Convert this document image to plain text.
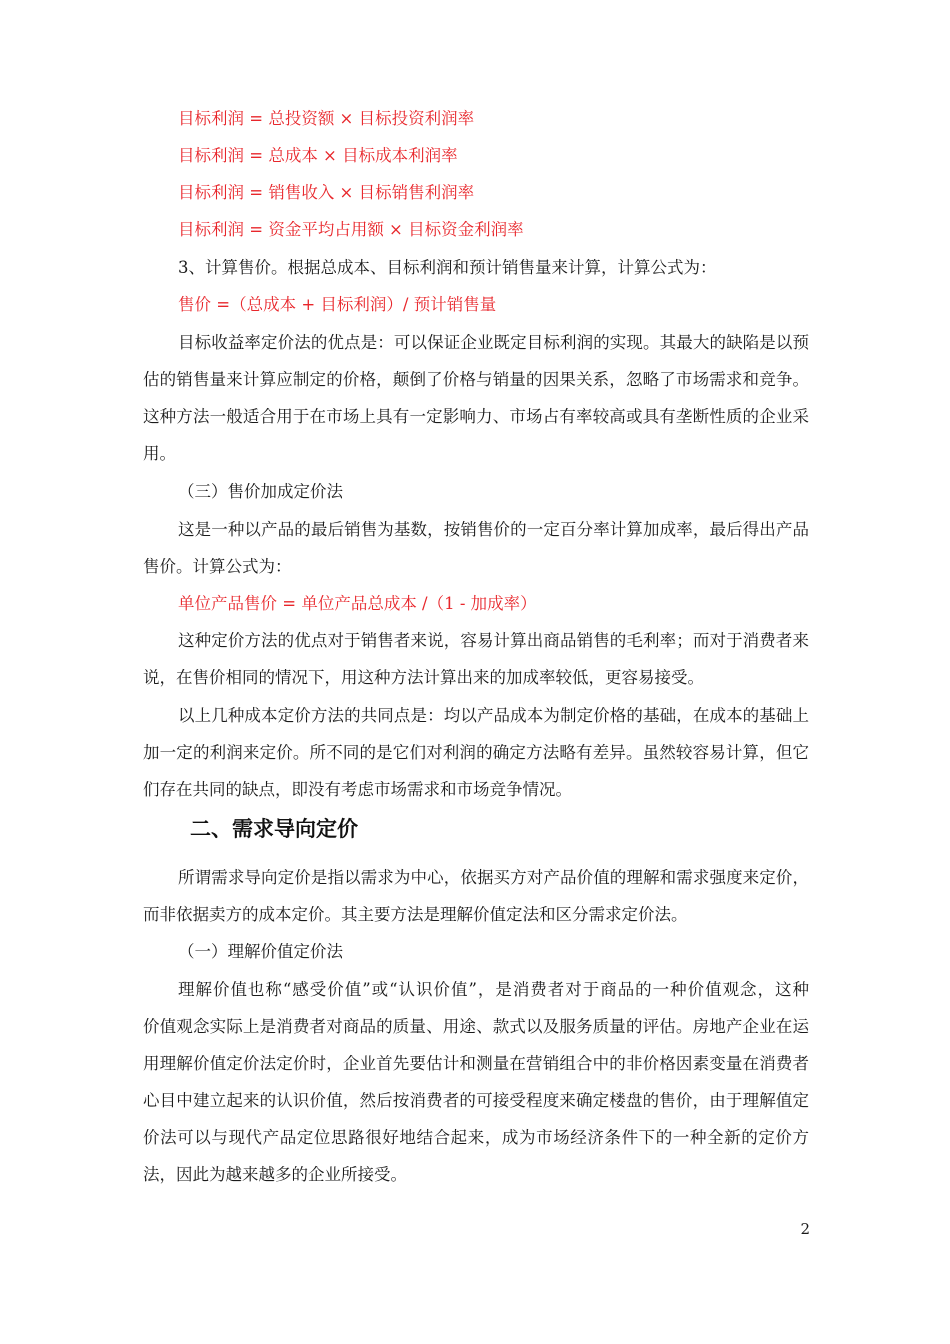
目标利润 = 总投资额 × 目标投资利润率
目标利润 = 总成本 × 目标成本利润率
目标利润 = 销售收入 × 目标销售利润率
目标利润 = 资金平均占用额 × 目标资金利润率
3、计算售价。根据总成本、目标利润和预计销售量来计算，计算公式为：
售价 =（总成本 + 目标利润）/ 预计销售量
目标收益率定价法的优点是：可以保证企业既定目标利润的实现。其最大的缺陷是以预
估的销售量来计算应制定的价格，颠倒了价格与销量的因果关系，忽略了市场需求和竞争。
这种方法一般适合用于在市场上具有一定影响力、市场占有率较高或具有垄断性质的企业采
用。
（三）售价加成定价法
这是一种以产品的最后销售为基数，按销售价的一定百分率计算加成率，最后得出产品
售价。计算公式为：
单位产品售价 = 单位产品总成本 /（1 - 加成率）
这种定价方法的优点对于销售者来说，容易计算出商品销售的毛利率；而对于消费者来
说，在售价相同的情况下，用这种方法计算出来的加成率较低，更容易接受。
以上几种成本定价方法的共同点是：均以产品成本为制定价格的基础，在成本的基础上
加一定的利润来定价。所不同的是它们对利润的确定方法略有差异。虽然较容易计算，但它
们存在共同的缺点，即没有考虑市场需求和市场竞争情况。
二、需求导向定价
所谓需求导向定价是指以需求为中心，依据买方对产品价值的理解和需求强度来定价，
而非依据卖方的成本定价。其主要方法是理解价值定法和区分需求定价法。
（一）理解价值定价法
理解价值也称“感受价值”或“认识价值”，是消费者对于商品的一种价值观念，这种
价值观念实际上是消费者对商品的质量、用途、款式以及服务质量的评估。房地产企业在运
用理解价值定价法定价时，企业首先要估计和测量在营销组合中的非价格因素变量在消费者
心目中建立起来的认识价值，然后按消费者的可接受程度来确定楼盘的售价，由于理解值定
价法可以与现代产品定位思路很好地结合起来，成为市场经济条件下的一种全新的定价方
法，因此为越来越多的企业所接受。
2
